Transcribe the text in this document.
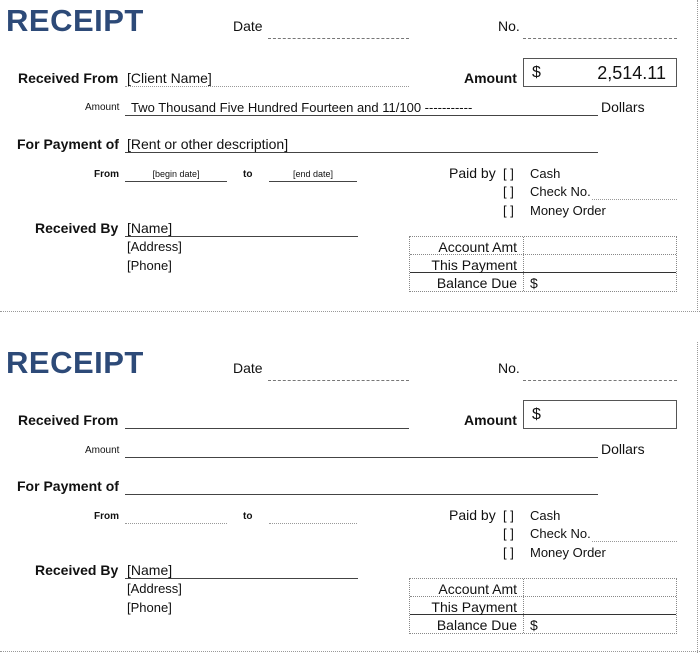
RECEIPT	Date	No.
Received From [Client Name]	Amount $	2,514.11
Amount Two Thousand Five Hundred Fourteen and 11/100 -----------	Dollars
For Payment of [Rent or other description]
From	[begin date]	to	[end date]	Paid by [ ] Cash
[ ] Check No.
[ ] Money Order
Received By [Name]
[Address]
[Phone]
Account Amt
This Payment
Balance Due $
RECEIPT	Date	No.
Received From	Amount $
Amount	Dollars
For Payment of
From	to	Paid by [ ] Cash
[ ] Check No.
[ ] Money Order
Received By [Name]
[Address]
[Phone]
Account Amt
This Payment
Balance Due $
